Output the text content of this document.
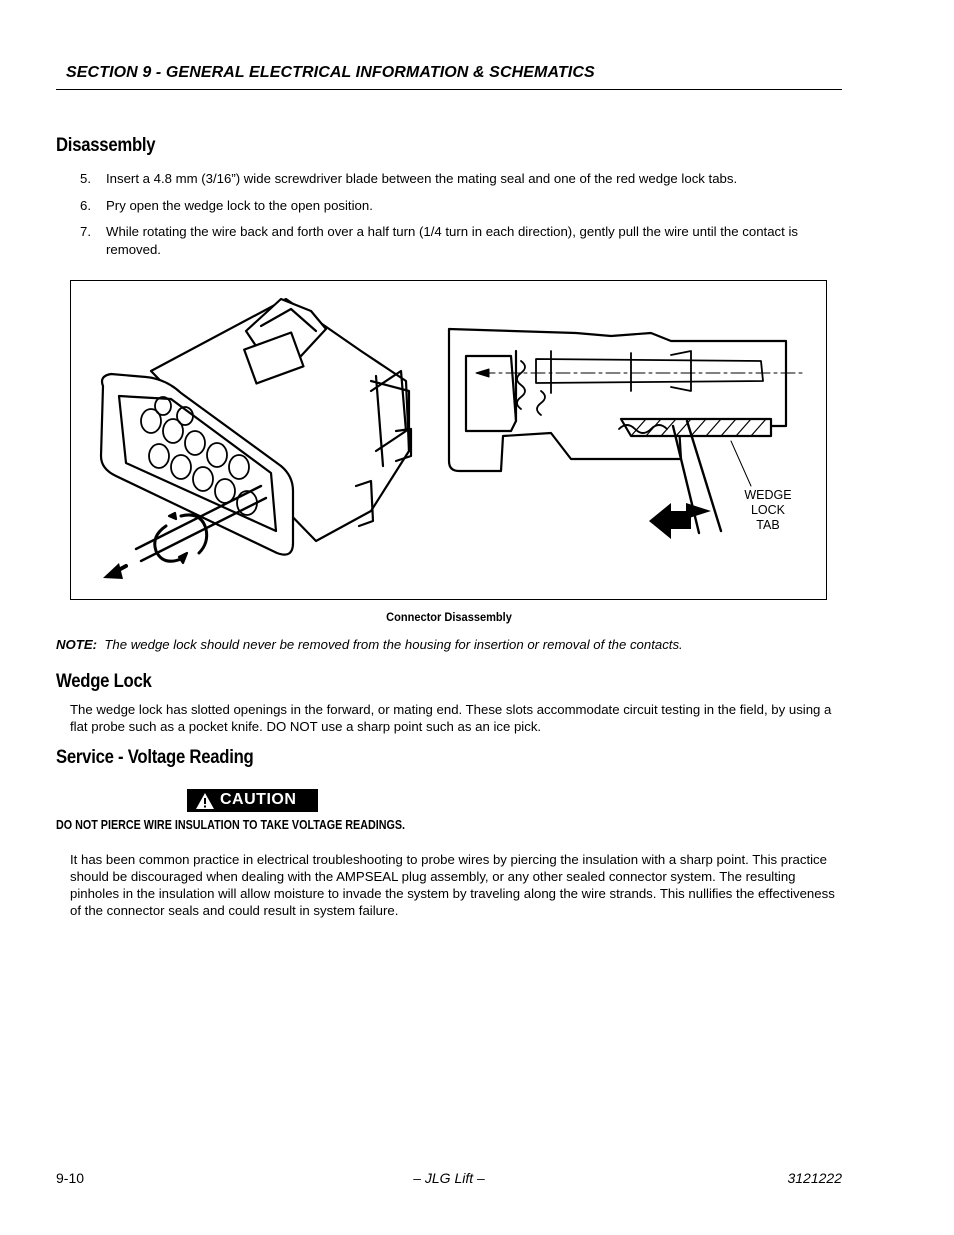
SECTION 9 - GENERAL ELECTRICAL INFORMATION & SCHEMATICS
Disassembly
5. Insert a 4.8 mm (3/16”) wide screwdriver blade between the mating seal and one of the red wedge lock tabs.
6. Pry open the wedge lock to the open position.
7. While rotating the wire back and forth over a half turn (1/4 turn in each direction), gently pull the wire until the contact is removed.
WEDGE
LOCK
TAB
Connector Disassembly
NOTE: The wedge lock should never be removed from the housing for insertion or removal of the contacts.
Wedge Lock
The wedge lock has slotted openings in the forward, or mating end. These slots accommodate circuit testing in the field, by using a flat probe such as a pocket knife. DO NOT use a sharp point such as an ice pick.
Service - Voltage Reading
CAUTION
DO NOT PIERCE WIRE INSULATION TO TAKE VOLTAGE READINGS.
It has been common practice in electrical troubleshooting to probe wires by piercing the insulation with a sharp point. This practice should be discouraged when dealing with the AMPSEAL plug assembly, or any other sealed connector system. The resulting pinholes in the insulation will allow moisture to invade the system by traveling along the wire strands. This nullifies the effectiveness of the connector seals and could result in system failure.
9-10	– JLG Lift –	3121222
